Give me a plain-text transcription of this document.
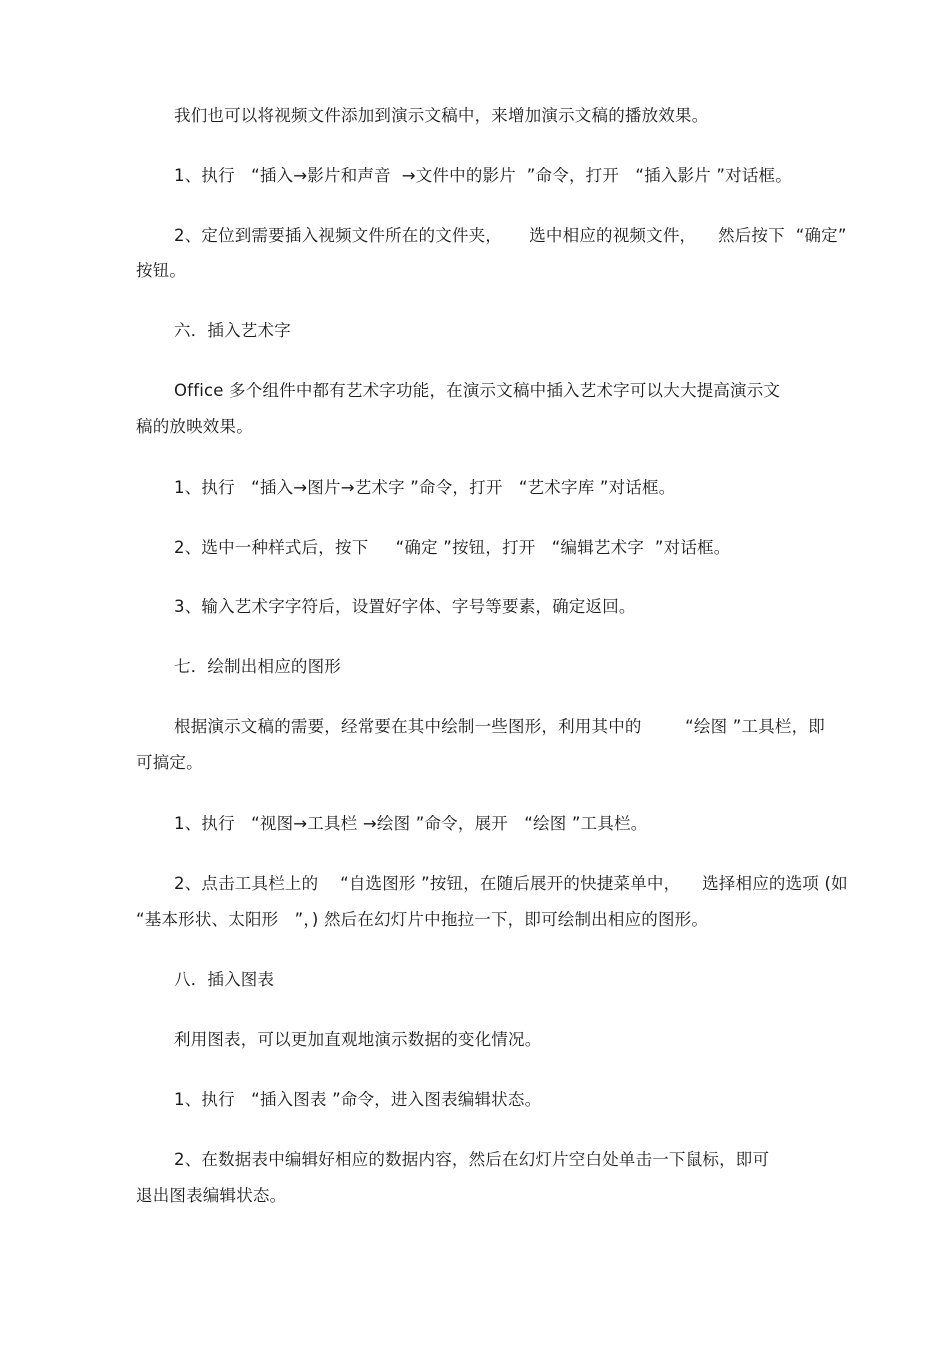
我们也可以将视频文件添加到演示文稿中，来增加演示文稿的播放效果。
1、执行   “插入→影片和声音  →文件中的影片  ”命令，打开   “插入影片 ”对话框。
2、定位到需要插入视频文件所在的文件夹，     选中相应的视频文件，    然后按下  “确定”
按钮。
六．插入艺术字
Office 多个组件中都有艺术字功能，在演示文稿中插入艺术字可以大大提高演示文
稿的放映效果。
1、执行   “插入→图片→艺术字 ”命令，打开   “艺术字库 ”对话框。
2、选中一种样式后，按下     “确定 ”按钮，打开   “编辑艺术字  ”对话框。
3、输入艺术字字符后，设置好字体、字号等要素，确定返回。
七．绘制出相应的图形
根据演示文稿的需要，经常要在其中绘制一些图形，利用其中的        “绘图 ”工具栏，即
可搞定。
1、执行   “视图→工具栏 →绘图 ”命令，展开   “绘图 ”工具栏。
2、点击工具栏上的    “自选图形 ”按钮，在随后展开的快捷菜单中，    选择相应的选项 (如
“基本形状、太阳形   ”，) 然后在幻灯片中拖拉一下，即可绘制出相应的图形。
八．插入图表
利用图表，可以更加直观地演示数据的变化情况。
1、执行   “插入图表 ”命令，进入图表编辑状态。
2、在数据表中编辑好相应的数据内容，然后在幻灯片空白处单击一下鼠标，即可
退出图表编辑状态。
